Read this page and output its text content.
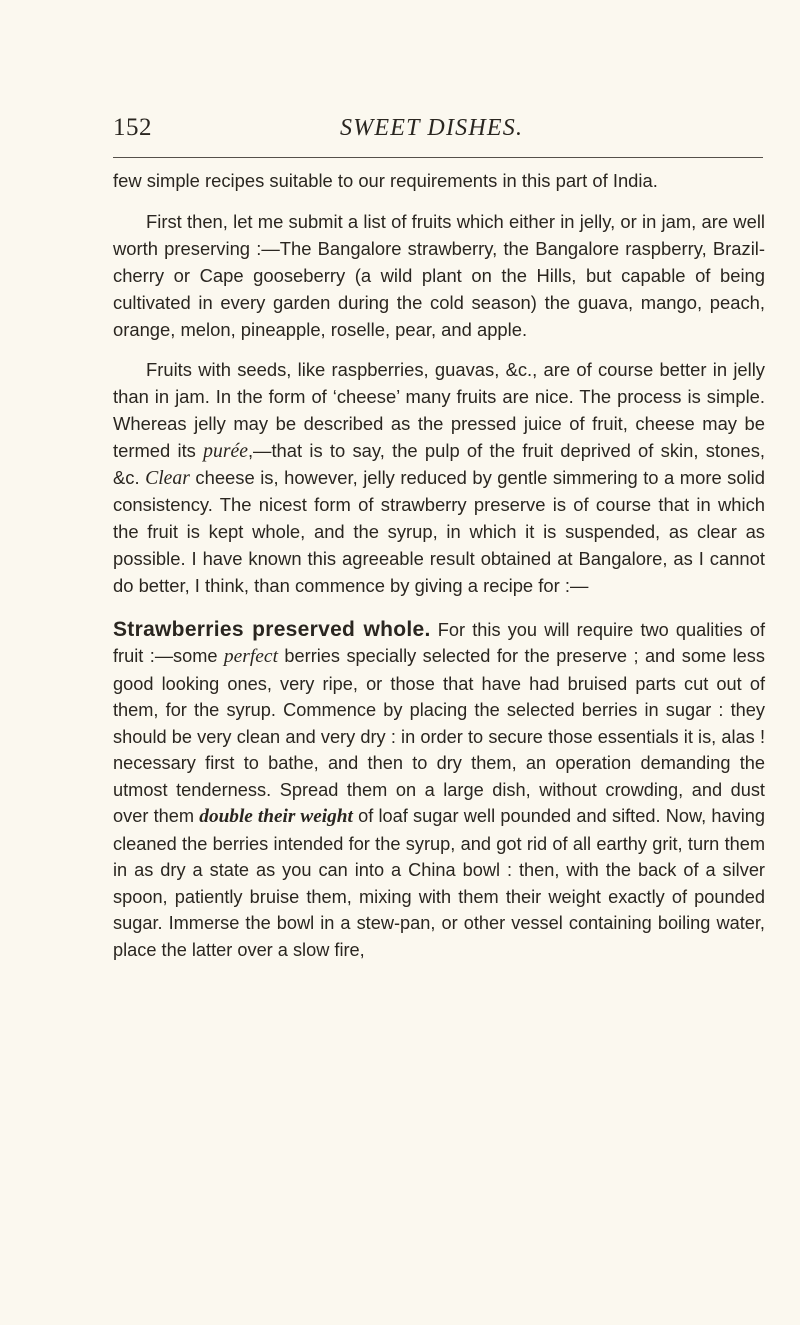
152	SWEET DISHES.

few simple recipes suitable to our requirements in this part of India.

First then, let me submit a list of fruits which either in jelly, or in jam, are well worth preserving :—The Bangalore strawberry, the Bangalore raspberry, Brazil-cherry or Cape gooseberry (a wild plant on the Hills, but capable of being cultivated in every garden during the cold season) the guava, mango, peach, orange, melon, pineapple, roselle, pear, and apple.

Fruits with seeds, like raspberries, guavas, &c., are of course better in jelly than in jam. In the form of ‘cheese’ many fruits are nice. The process is simple. Whereas jelly may be described as the pressed juice of fruit, cheese may be termed its purée,—that is to say, the pulp of the fruit deprived of skin, stones, &c. Clear cheese is, however, jelly reduced by gentle simmering to a more solid consistency. The nicest form of strawberry preserve is of course that in which the fruit is kept whole, and the syrup, in which it is suspended, as clear as possible. I have known this agreeable result obtained at Bangalore, as I cannot do better, I think, than commence by giving a recipe for :—

Strawberries preserved whole. For this you will require two qualities of fruit :—some perfect berries specially selected for the preserve ; and some less good looking ones, very ripe, or those that have had bruised parts cut out of them, for the syrup. Commence by placing the selected berries in sugar : they should be very clean and very dry : in order to secure those essentials it is, alas ! necessary first to bathe, and then to dry them, an operation demanding the utmost tenderness. Spread them on a large dish, without crowding, and dust over them double their weight of loaf sugar well pounded and sifted. Now, having cleaned the berries intended for the syrup, and got rid of all earthy grit, turn them in as dry a state as you can into a China bowl : then, with the back of a silver spoon, patiently bruise them, mixing with them their weight exactly of pounded sugar. Immerse the bowl in a stew-pan, or other vessel containing boiling water, place the latter over a slow fire,
